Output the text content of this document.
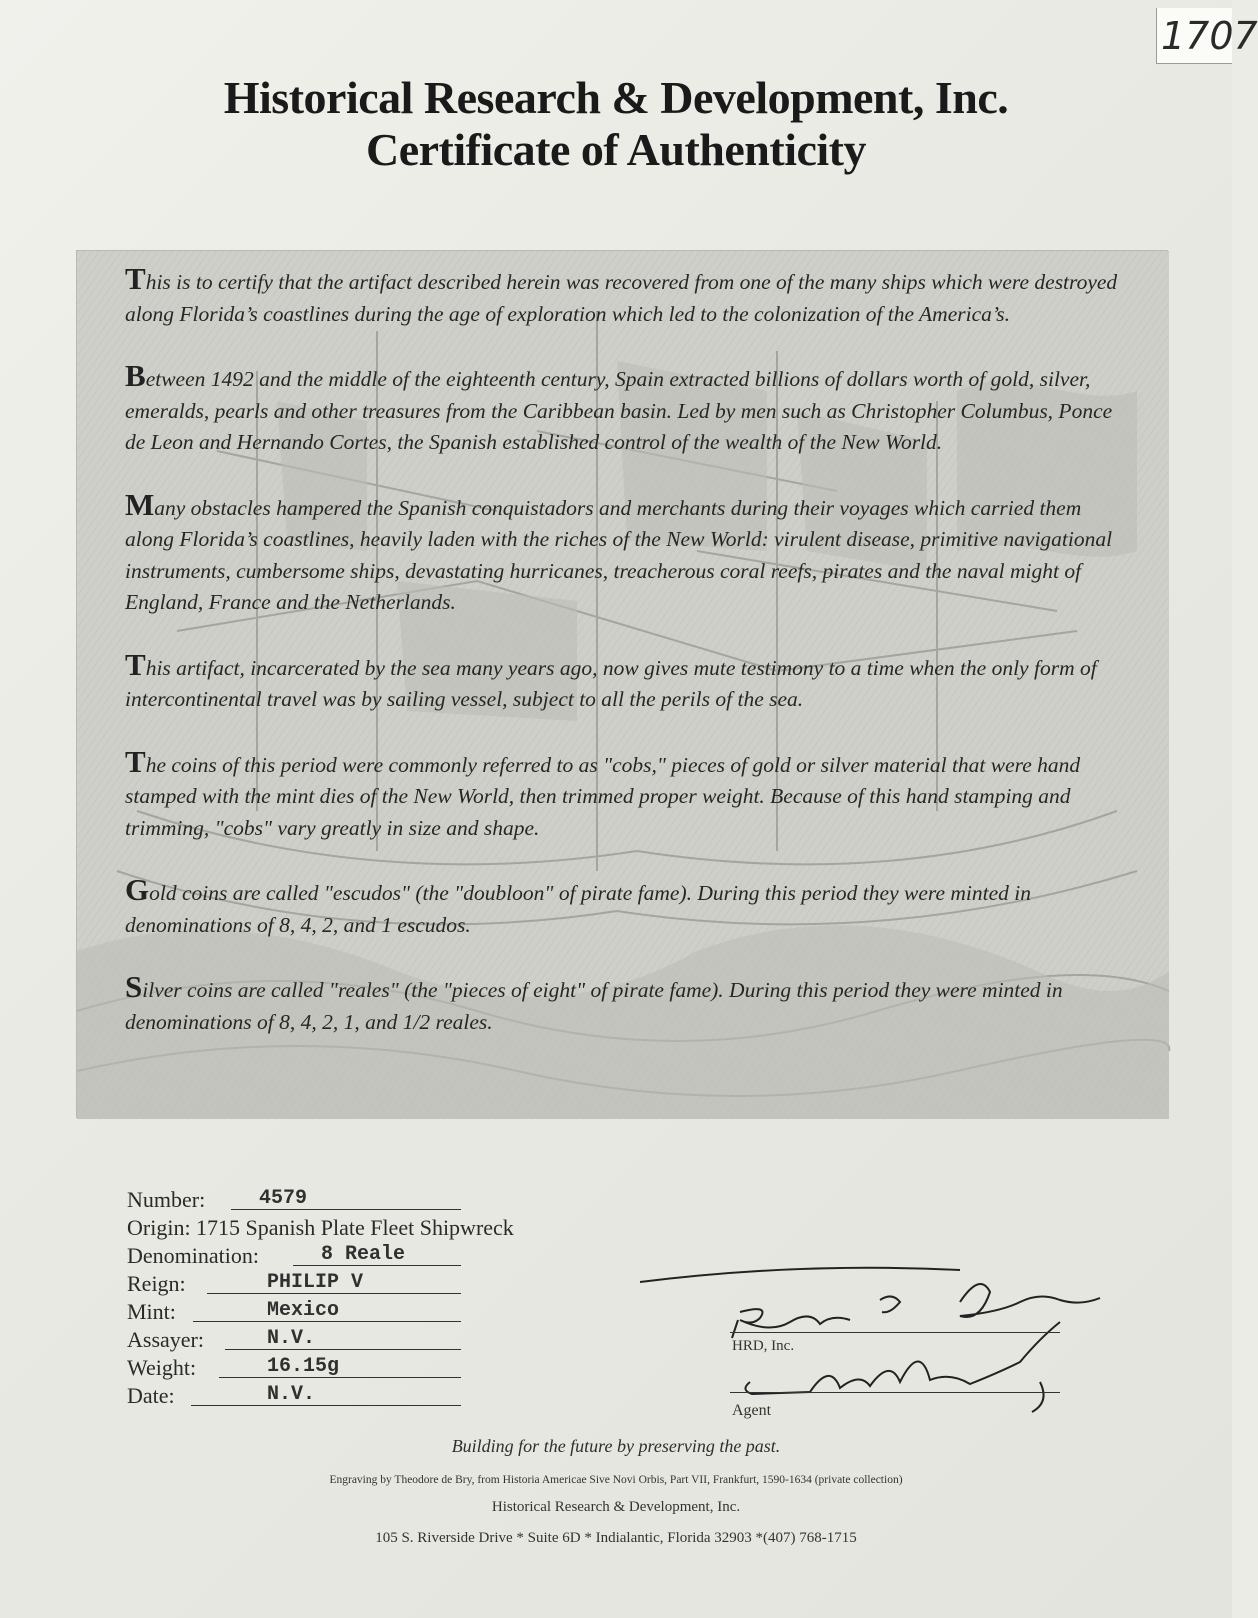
1707
Historical Research & Development, Inc.
Certificate of Authenticity

This is to certify that the artifact described herein was recovered from one of the many ships which were destroyed along Florida’s coastlines during the age of exploration which led to the colonization of the America’s.

Between 1492 and the middle of the eighteenth century, Spain extracted billions of dollars worth of gold, silver, emeralds, pearls and other treasures from the Caribbean basin. Led by men such as Christopher Columbus, Ponce de Leon and Hernando Cortes, the Spanish established control of the wealth of the New World.

Many obstacles hampered the Spanish conquistadors and merchants during their voyages which carried them along Florida’s coastlines, heavily laden with the riches of the New World: virulent disease, primitive navigational instruments, cumbersome ships, devastating hurricanes, treacherous coral reefs, pirates and the naval might of England, France and the Netherlands.

This artifact, incarcerated by the sea many years ago, now gives mute testimony to a time when the only form of intercontinental travel was by sailing vessel, subject to all the perils of the sea.

The coins of this period were commonly referred to as "cobs," pieces of gold or silver material that were hand stamped with the mint dies of the New World, then trimmed proper weight. Because of this hand stamping and trimming, "cobs" vary greatly in size and shape.

Gold coins are called "escudos" (the "doubloon" of pirate fame). During this period they were minted in denominations of 8, 4, 2, and 1 escudos.

Silver coins are called "reales" (the "pieces of eight" of pirate fame). During this period they were minted in denominations of 8, 4, 2, 1, and 1/2 reales.

Number:	4579
Origin: 1715 Spanish Plate Fleet Shipwreck
Denomination:	8 Reale
Reign:	PHILIP V
Mint:	Mexico
Assayer:	N.V.
Weight:	16.15g
Date:	N.V.
HRD, Inc.
Agent
Building for the future by preserving the past.
Engraving by Theodore de Bry, from Historia Americae Sive Novi Orbis, Part VII, Frankfurt, 1590-1634 (private collection)
Historical Research & Development, Inc.
105 S. Riverside Drive * Suite 6D * Indialantic, Florida 32903 *(407) 768-1715
